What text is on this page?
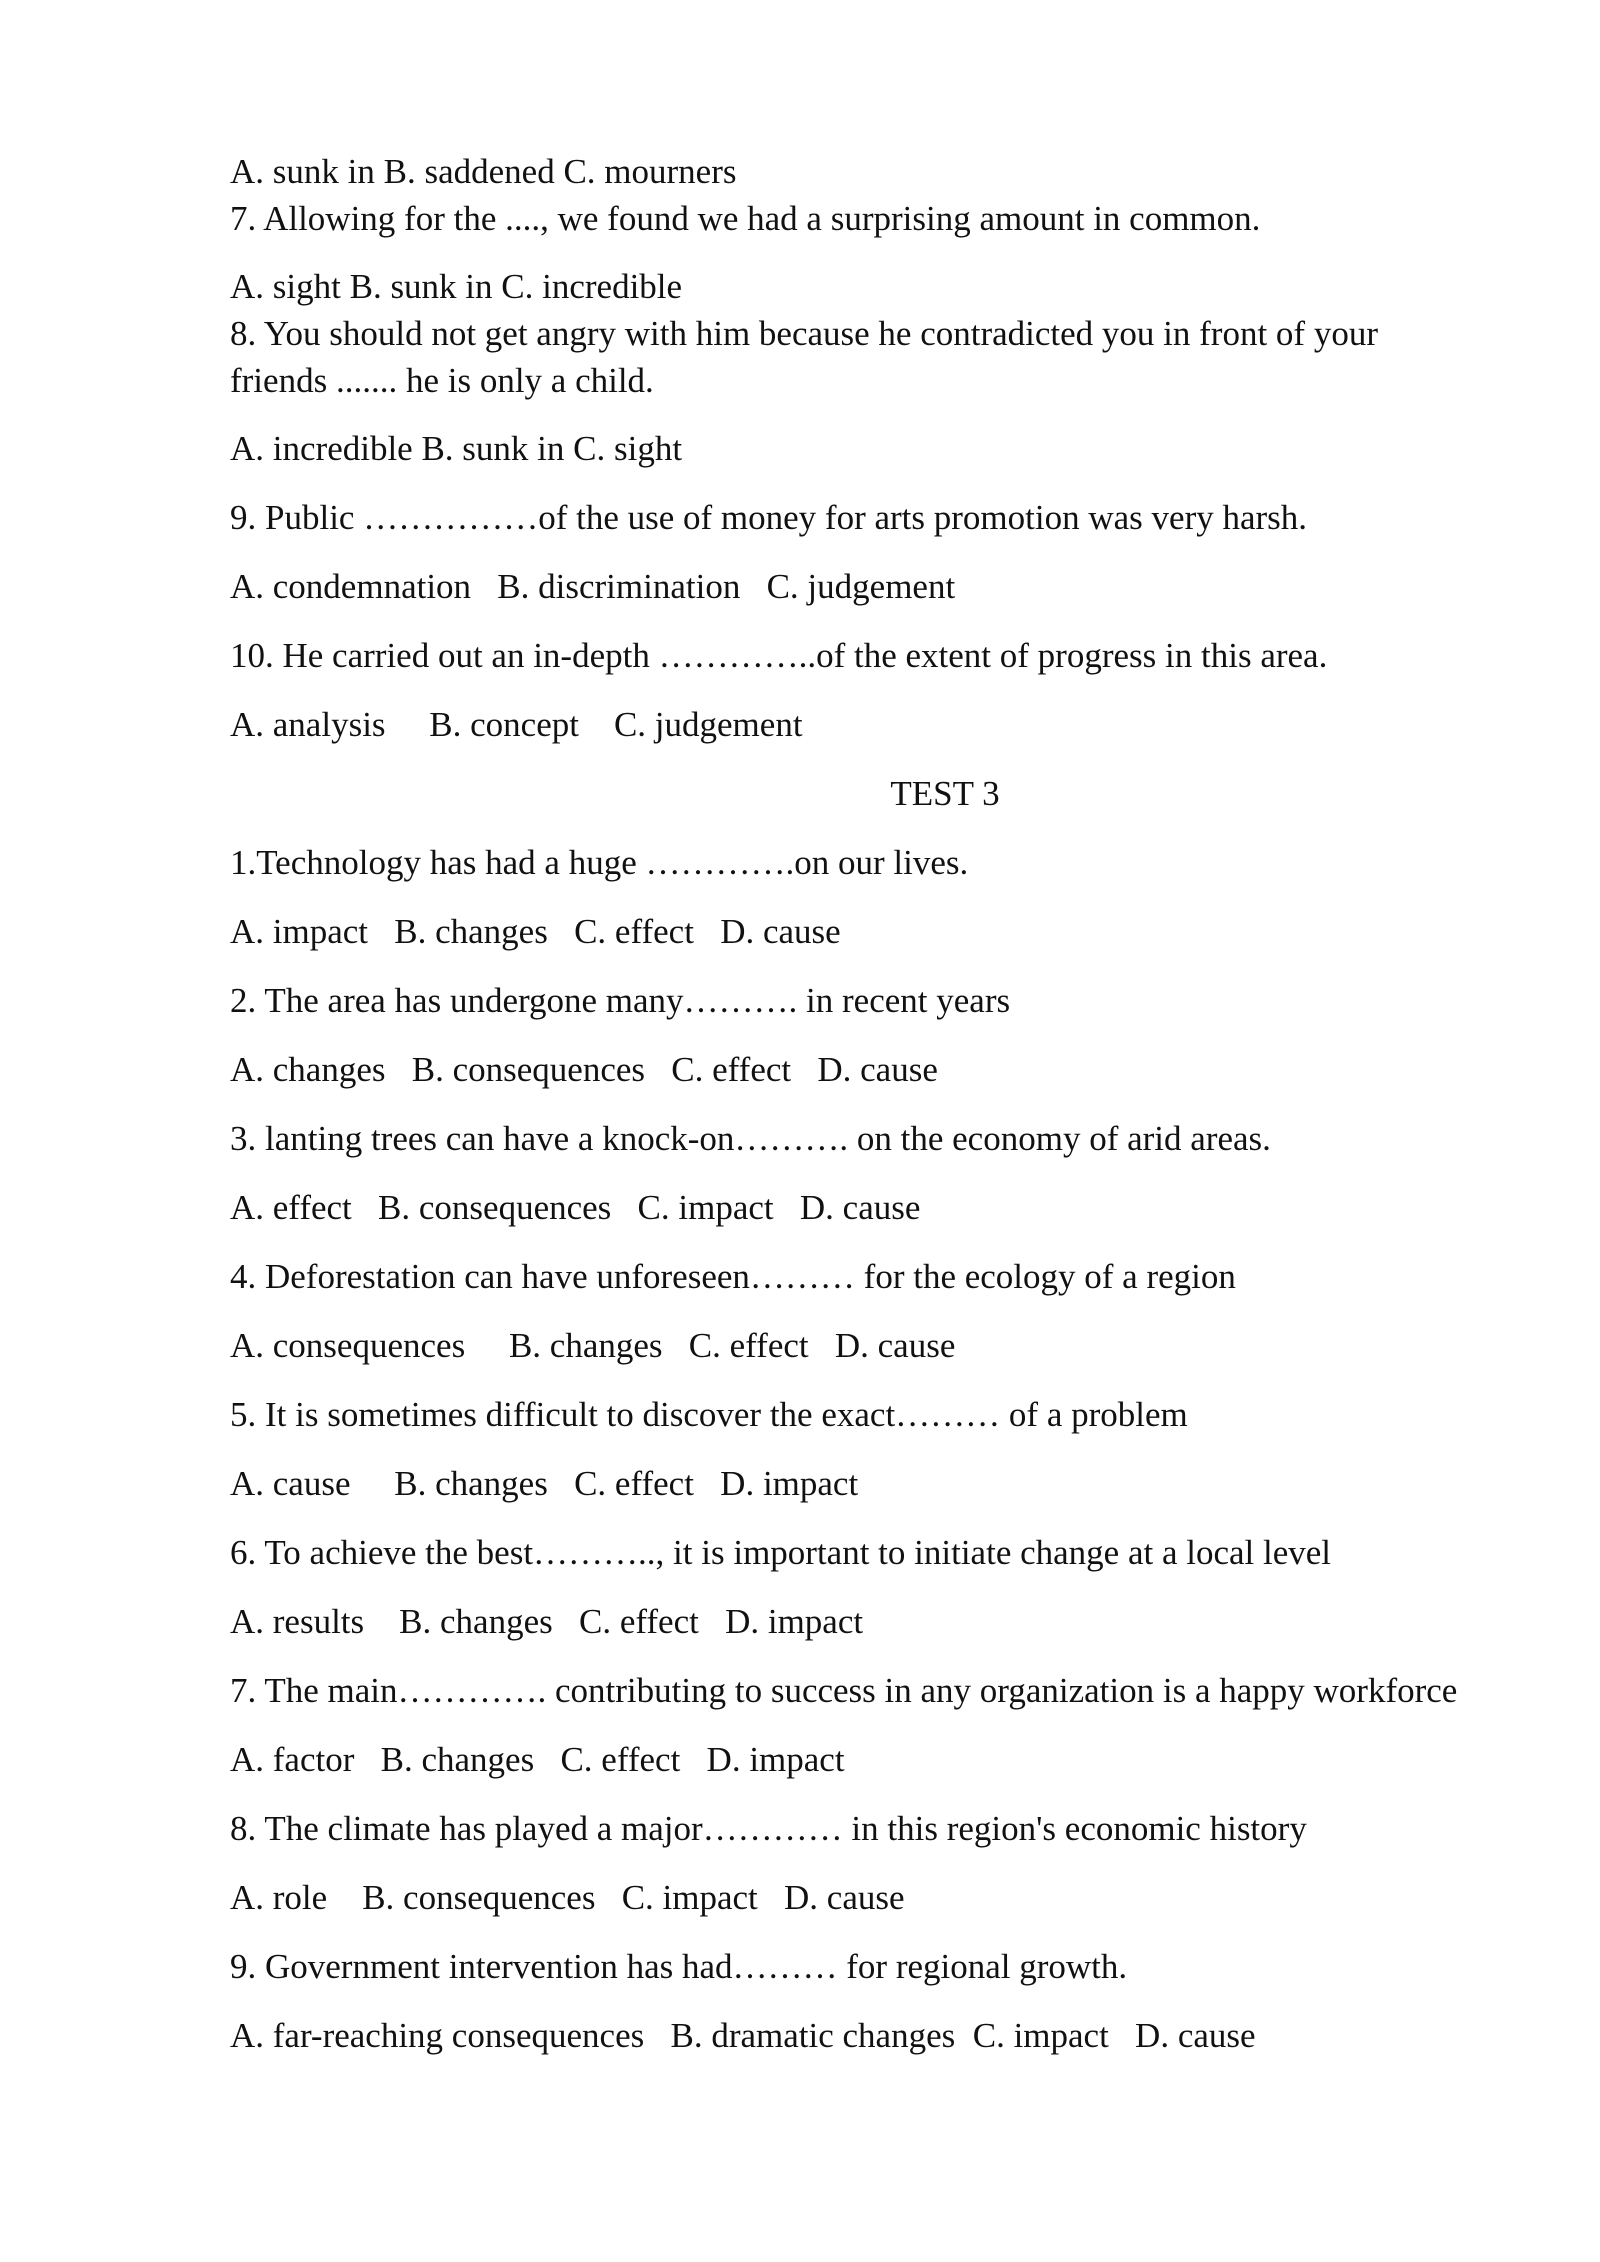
A. sunk in B. saddened C. mourners

7. Allowing for the ...., we found we had a surprising amount in common.

A. sight B. sunk in C. incredible

8. You should not get angry with him because he contradicted you in front of your friends ....... he is only a child.

A. incredible B. sunk in C. sight

9. Public ……………of the use of money for arts promotion was very harsh.

A. condemnation   B. discrimination   C. judgement

10. He carried out an in-depth …………..of the extent of progress in this area.

A. analysis     B. concept    C. judgement

TEST 3

1.Technology has had a huge ………….on our lives.

A. impact   B. changes   C. effect   D. cause

2. The area has undergone many………. in recent years

A. changes   B. consequences   C. effect   D. cause

3. lanting trees can have a knock-on………. on the economy of arid areas.

A. effect   B. consequences   C. impact   D. cause

4. Deforestation can have unforeseen……… for the ecology of a region

A. consequences     B. changes   C. effect   D. cause

5. It is sometimes difficult to discover the exact……… of a problem

A. cause     B. changes   C. effect   D. impact

6. To achieve the best……….., it is important to initiate change at a local level

A. results    B. changes   C. effect   D. impact

7. The main…………. contributing to success in any organization is a happy workforce

A. factor   B. changes   C. effect   D. impact

8. The climate has played a major………… in this region's economic history

A. role    B. consequences   C. impact   D. cause

9. Government intervention has had……… for regional growth.

A. far-reaching consequences   B. dramatic changes  C. impact   D. cause
